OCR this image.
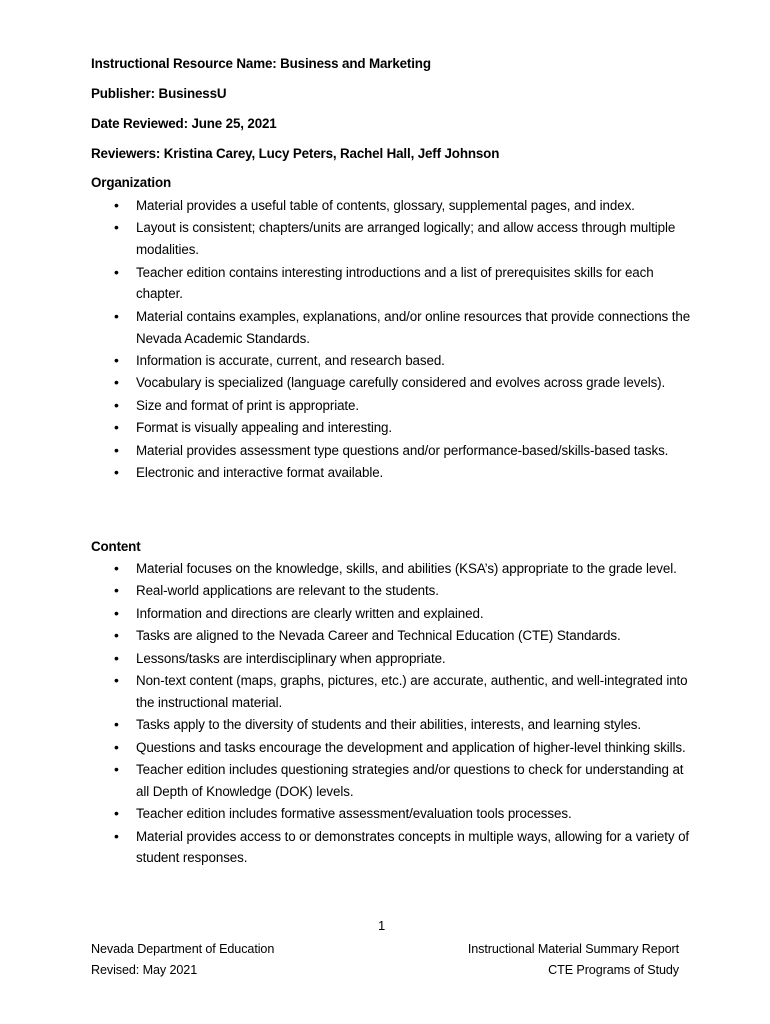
Instructional Resource Name: Business and Marketing
Publisher: BusinessU
Date Reviewed: June 25, 2021
Reviewers: Kristina Carey, Lucy Peters, Rachel Hall, Jeff Johnson
Organization
• Material provides a useful table of contents, glossary, supplemental pages, and index.
• Layout is consistent; chapters/units are arranged logically; and allow access through multiple modalities.
• Teacher edition contains interesting introductions and a list of prerequisites skills for each chapter.
• Material contains examples, explanations, and/or online resources that provide connections the Nevada Academic Standards.
• Information is accurate, current, and research based.
• Vocabulary is specialized (language carefully considered and evolves across grade levels).
• Size and format of print is appropriate.
• Format is visually appealing and interesting.
• Material provides assessment type questions and/or performance-based/skills-based tasks.
• Electronic and interactive format available.
Content
• Material focuses on the knowledge, skills, and abilities (KSA’s) appropriate to the grade level.
• Real-world applications are relevant to the students.
• Information and directions are clearly written and explained.
• Tasks are aligned to the Nevada Career and Technical Education (CTE) Standards.
• Lessons/tasks are interdisciplinary when appropriate.
• Non-text content (maps, graphs, pictures, etc.) are accurate, authentic, and well-integrated into the instructional material.
• Tasks apply to the diversity of students and their abilities, interests, and learning styles.
• Questions and tasks encourage the development and application of higher-level thinking skills.
• Teacher edition includes questioning strategies and/or questions to check for understanding at all Depth of Knowledge (DOK) levels.
• Teacher edition includes formative assessment/evaluation tools processes.
• Material provides access to or demonstrates concepts in multiple ways, allowing for a variety of student responses.
1
Nevada Department of Education
Revised: May 2021
Instructional Material Summary Report
CTE Programs of Study
